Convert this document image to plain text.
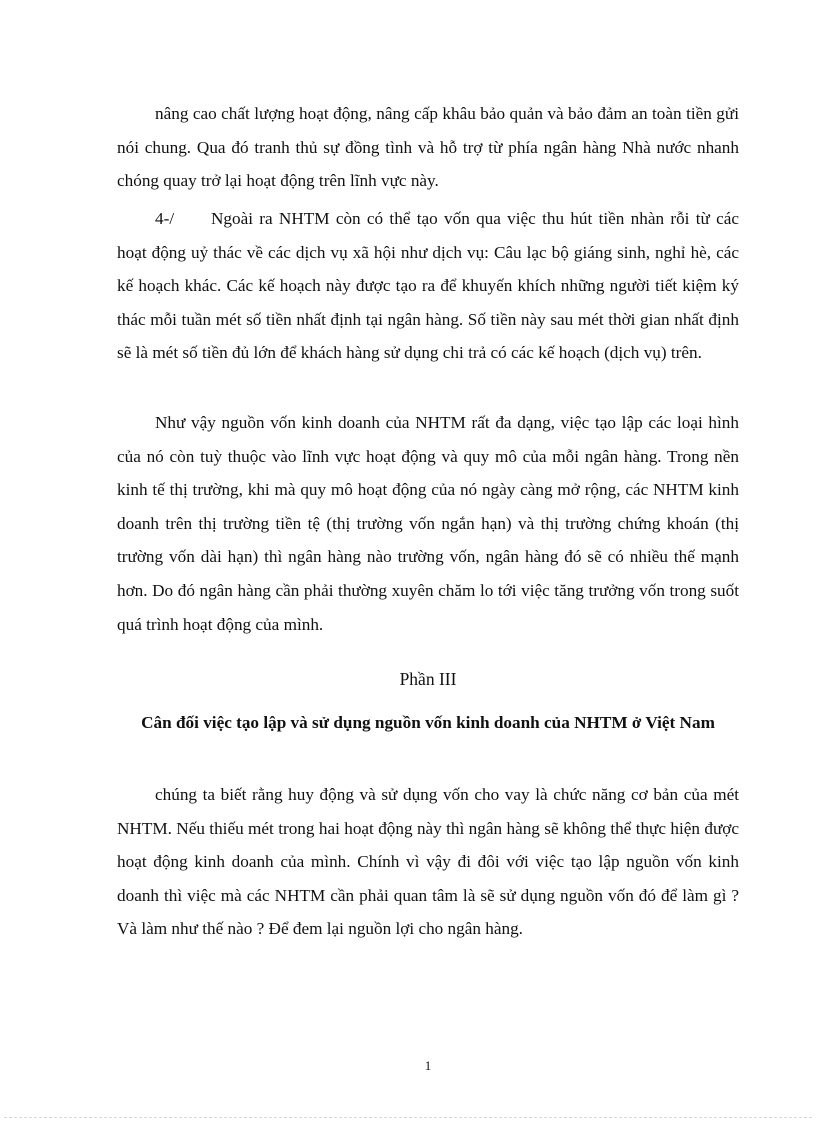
nâng cao chất lượng hoạt động, nâng cấp khâu bảo quản và bảo đảm an toàn tiền gửi nói chung. Qua đó tranh thủ sự đồng tình và hỗ trợ từ phía ngân hàng Nhà nước nhanh chóng quay trở lại hoạt động trên lĩnh vực này.

4-/ Ngoài ra NHTM còn có thể tạo vốn qua việc thu hút tiền nhàn rỗi từ các hoạt động uỷ thác về các dịch vụ xã hội như dịch vụ: Câu lạc bộ giáng sinh, nghỉ hè, các kế hoạch khác. Các kế hoạch này được tạo ra để khuyến khích những người tiết kiệm ký thác mỗi tuần mét số tiền nhất định tại ngân hàng. Số tiền này sau mét thời gian nhất định sẽ là mét số tiền đủ lớn để khách hàng sử dụng chi trả có các kế hoạch (dịch vụ) trên.

Như vậy nguồn vốn kinh doanh của NHTM rất đa dạng, việc tạo lập các loại hình của nó còn tuỳ thuộc vào lĩnh vực hoạt động và quy mô của mỗi ngân hàng. Trong nền kinh tế thị trường, khi mà quy mô hoạt động của nó ngày càng mở rộng, các NHTM kinh doanh trên thị trường tiền tệ (thị trường vốn ngắn hạn) và thị trường chứng khoán (thị trường vốn dài hạn) thì ngân hàng nào trường vốn, ngân hàng đó sẽ có nhiều thế mạnh hơn. Do đó ngân hàng cần phải thường xuyên chăm lo tới việc tăng trưởng vốn trong suốt quá trình hoạt động của mình.

Phần III
Cân đối việc tạo lập và sử dụng nguồn vốn kinh doanh của NHTM ở Việt Nam

chúng ta biết rằng huy động và sử dụng vốn cho vay là chức năng cơ bản của mét NHTM. Nếu thiếu mét trong hai hoạt động này thì ngân hàng sẽ không thể thực hiện được hoạt động kinh doanh của mình. Chính vì vậy đi đôi với việc tạo lập nguồn vốn kinh doanh thì việc mà các NHTM cần phải quan tâm là sẽ sử dụng nguồn vốn đó để làm gì ? Và làm như thế nào ? Để đem lại nguồn lợi cho ngân hàng.

1
